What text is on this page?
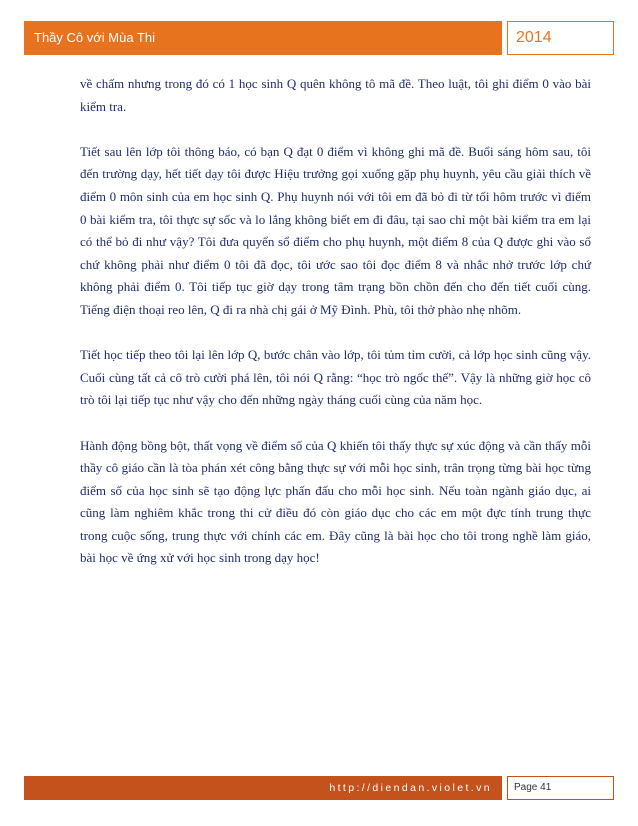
Thầy Cô với Mùa Thi	2014

về chấm nhưng trong đó có 1 học sinh Q quên không tô mã đề. Theo luật, tôi ghi điểm 0 vào bài kiểm tra.

Tiết sau lên lớp tôi thông báo, có bạn Q đạt 0 điểm vì không ghi mã đề. Buổi sáng hôm sau, tôi đến trường dạy, hết tiết dạy tôi được Hiệu trưởng gọi xuống gặp phụ huynh, yêu cầu giải thích về điểm 0 môn sinh của em học sinh Q. Phụ huynh nói với tôi em đã bỏ đi từ tối hôm trước vì điểm 0 bài kiểm tra, tôi thực sự sốc và lo lắng không biết em đi đâu, tại sao chỉ một bài kiểm tra em lại có thể bỏ đi như vậy? Tôi đưa quyển sổ điểm cho phụ huynh, một điểm 8 của Q được ghi vào sổ chứ không phải như điểm 0 tôi đã đọc, tôi ước sao tôi đọc điểm 8 và nhắc nhở trước lớp chứ không phải điểm 0. Tôi tiếp tục giờ dạy trong tâm trạng bồn chồn đến cho đến tiết cuối cùng. Tiếng điện thoại reo lên, Q đi ra nhà chị gái ở Mỹ Đình. Phù, tôi thở phào nhẹ nhõm.

Tiết học tiếp theo tôi lại lên lớp Q, bước chân vào lớp, tôi tủm tỉm cười, cả lớp học sinh cũng vậy. Cuối cùng tất cả cô trò cười phá lên, tôi nói Q rằng: “học trò ngốc thế”. Vậy là những giờ học cô trò tôi lại tiếp tục như vậy cho đến những ngày tháng cuối cùng của năm học.

Hành động bồng bột, thất vọng về điểm số của Q khiến tôi thấy thực sự xúc động và cần thấy mỗi thầy cô giáo cần là tòa phán xét công bằng thực sự với mỗi học sinh, trân trọng từng bài học từng điểm số của học sinh sẽ tạo động lực phấn đấu cho mỗi học sinh. Nếu toàn ngành giáo dục, ai cũng làm nghiêm khắc trong thi cử điều đó còn giáo dục cho các em một đực tính trung thực trong cuộc sống, trung thực với chính các em. Đây cũng là bài học cho tôi trong nghề làm giáo, bài học về ứng xử với học sinh trong dạy học!

http://diendan.violet.vn	Page 41
